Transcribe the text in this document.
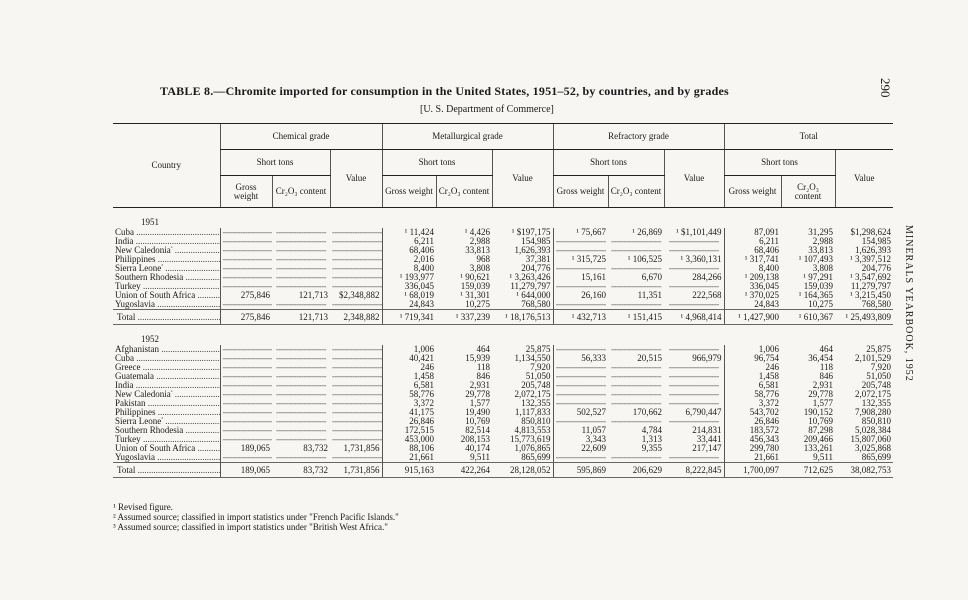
TABLE 8.—Chromite imported for consumption in the United States, 1951–52, by countries, and by grades
[U. S. Department of Commerce]
290
MINERALS YEARBOOK, 1952
Country	Chemical grade			Metallurgical grade			Refractory grade			Total		
	Short tons		Value	Short tons		Value	Short tons		Value	Short tons		Value
	Gross weight	Cr₂O₃ content		Gross weight	Cr₂O₃ content		Gross weight	Cr₂O₃ content		Gross weight	Cr₂O₃ content	
1951												
Cuba .....	-----	-----	-----	¹ 11,424	¹ 4,426	¹ $197,175	¹ 75,667	¹ 26,869	¹ $1,101,449	87,091	31,295	$1,298,624
India .....	-----	-----	-----	6,211	2,988	154,985	-----	-----	-----	6,211	2,988	154,985
New Caledonia$^{^2}$ .....	-----	-----	-----	68,406	33,813	1,626,393	-----	-----	-----	68,406	33,813	1,626,393
Philippines .....	-----	-----	-----	2,016	968	37,381	¹ 315,725	¹ 106,525	¹ 3,360,131	¹ 317,741	¹ 107,493	¹ 3,397,512
Sierra Leone$^{^3}$ .....	-----	-----	-----	8,400	3,808	204,776	-----	-----	-----	8,400	3,808	204,776
Southern Rhodesia .....	-----	-----	-----	¹ 193,977	¹ 90,621	¹ 3,263,426	15,161	6,670	284,266	¹ 209,138	¹ 97,291	¹ 3,547,692
Turkey .....	-----	-----	-----	336,045	159,039	11,279,797	-----	-----	-----	336,045	159,039	11,279,797
Union of South Africa .....	275,846	121,713	$2,348,882	¹ 68,019	¹ 31,301	¹ 644,000	26,160	11,351	222,568	¹ 370,025	¹ 164,365	¹ 3,215,450
Yugoslavia .....	-----	-----	-----	24,843	10,275	768,580	-----	-----	-----	24,843	10,275	768,580
Total .....	275,846	121,713	2,348,882	¹ 719,341	¹ 337,239	¹ 18,176,513	¹ 432,713	¹ 151,415	¹ 4,968,414	¹ 1,427,900	¹ 610,367	¹ 25,493,809
1952												
Afghanistan .....	-----	-----	-----	1,006	464	25,875	-----	-----	-----	1,006	464	25,875
Cuba .....	-----	-----	-----	40,421	15,939	1,134,550	56,333	20,515	966,979	96,754	36,454	2,101,529
Greece .....	-----	-----	-----	246	118	7,920	-----	-----	-----	246	118	7,920
Guatemala .....	-----	-----	-----	1,458	846	51,050	-----	-----	-----	1,458	846	51,050
India .....	-----	-----	-----	6,581	2,931	205,748	-----	-----	-----	6,581	2,931	205,748
New Caledonia$^{^2}$ .....	-----	-----	-----	58,776	29,778	2,072,175	-----	-----	-----	58,776	29,778	2,072,175
Pakistan .....	-----	-----	-----	3,372	1,577	132,355	-----	-----	-----	3,372	1,577	132,355
Philippines .....	-----	-----	-----	41,175	19,490	1,117,833	502,527	170,662	6,790,447	543,702	190,152	7,908,280
Sierra Leone$^{^3}$ .....	-----	-----	-----	26,846	10,769	850,810	-----	-----	-----	26,846	10,769	850,810
Southern Rhodesia .....	-----	-----	-----	172,515	82,514	4,813,553	11,057	4,784	214,831	183,572	87,298	5,028,384
Turkey .....	-----	-----	-----	453,000	208,153	15,773,619	3,343	1,313	33,441	456,343	209,466	15,807,060
Union of South Africa .....	189,065	83,732	1,731,856	88,106	40,174	1,076,865	22,609	9,355	217,147	299,780	133,261	3,025,868
Yugoslavia .....	-----	-----	-----	21,661	9,511	865,699	-----	-----	-----	21,661	9,511	865,699
Total .....	189,065	83,732	1,731,856	915,163	422,264	28,128,052	595,869	206,629	8,222,845	1,700,097	712,625	38,082,753
¹ Revised figure.
² Assumed source; classified in import statistics under "French Pacific Islands."
³ Assumed source; classified in import statistics under "British West Africa."
